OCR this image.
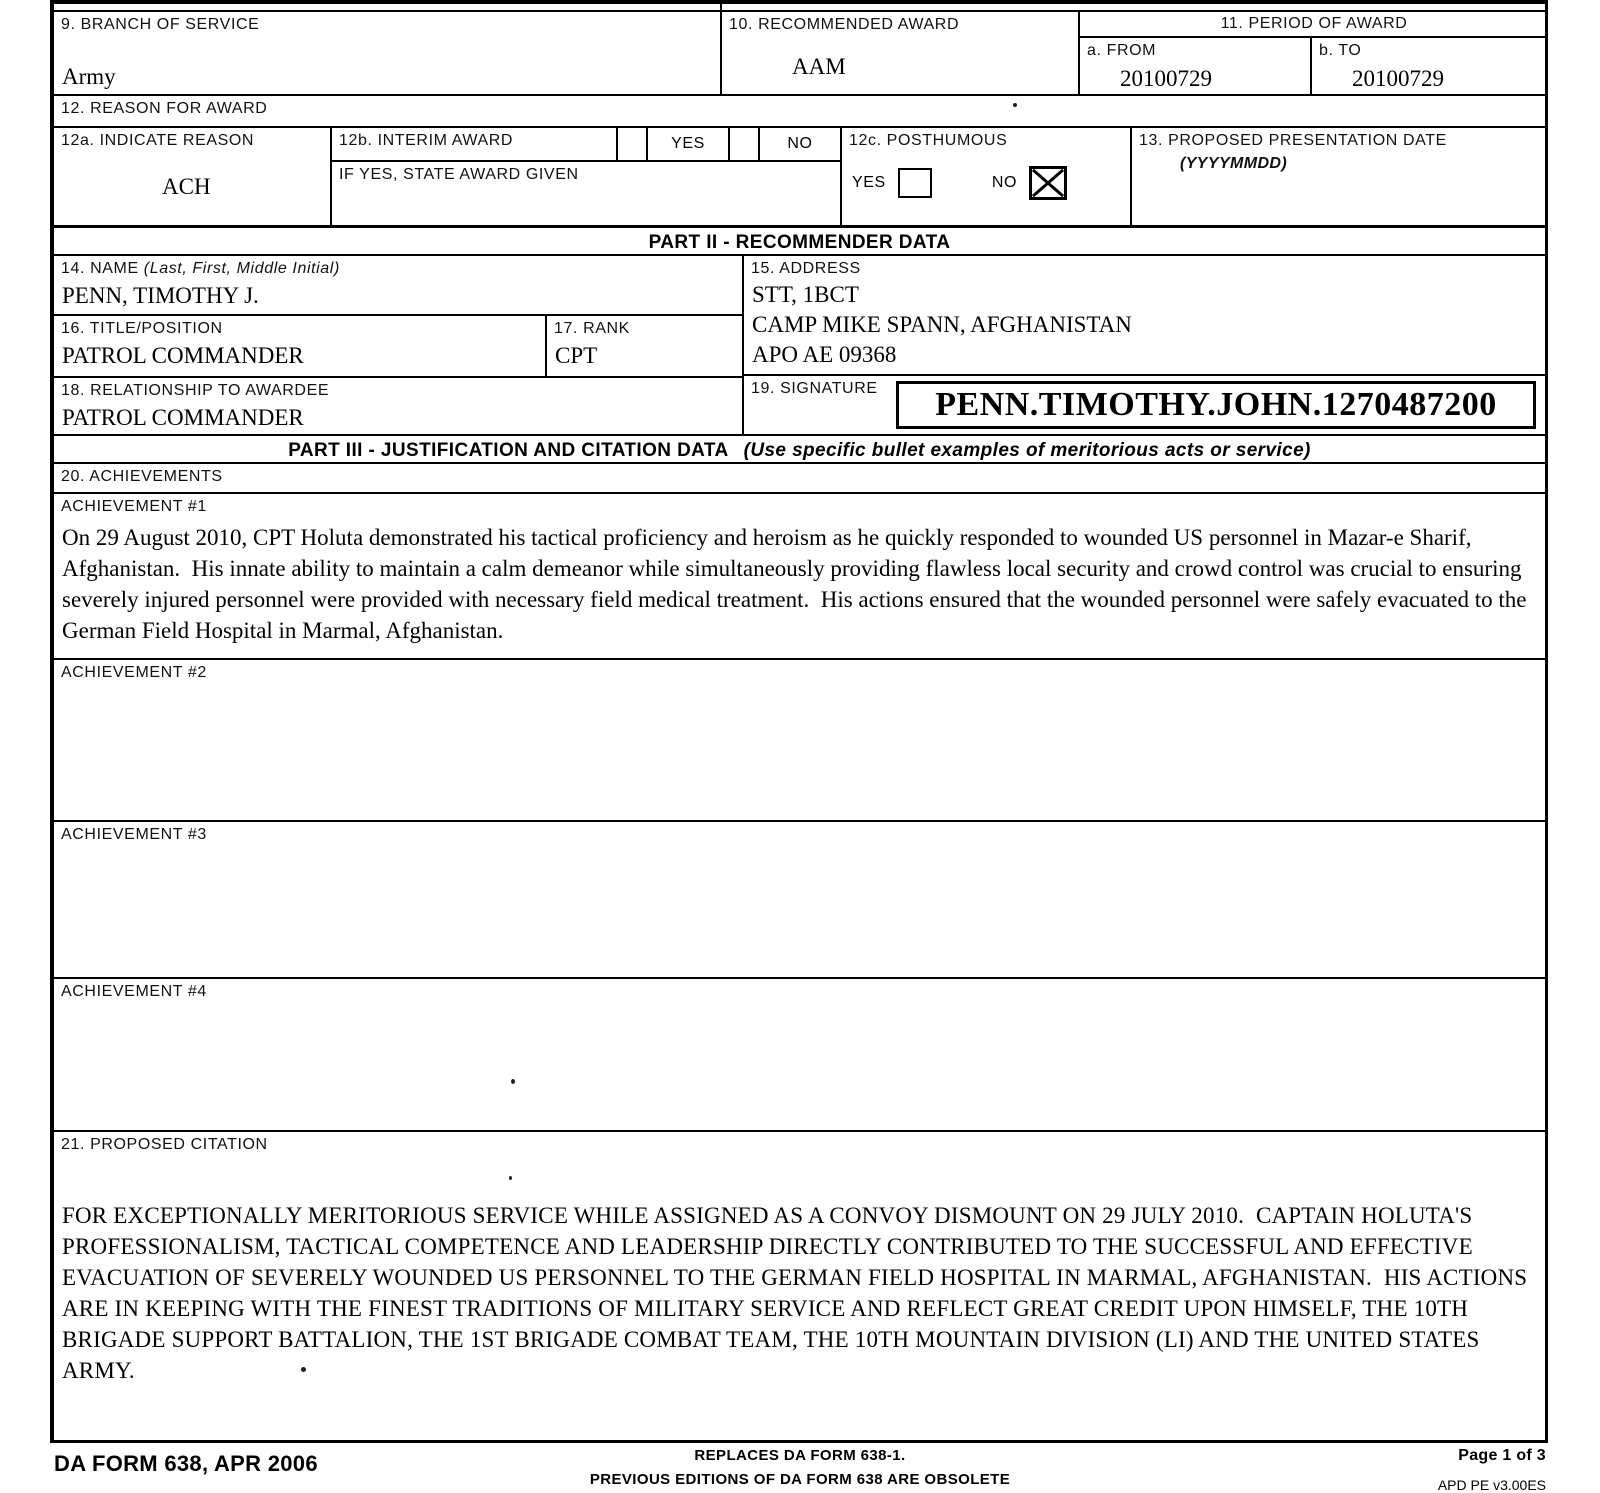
9. BRANCH OF SERVICE
Army
10. RECOMMENDED AWARD
AAM
11. PERIOD OF AWARD
a. FROM
20100729
b. TO
20100729
12. REASON FOR AWARD
12a. INDICATE REASON
ACH
12b. INTERIM AWARD	YES	NO
IF YES, STATE AWARD GIVEN
12c. POSTHUMOUS
YES	NO
13. PROPOSED PRESENTATION DATE
(YYYYMMDD)
PART II - RECOMMENDER DATA
14. NAME (Last, First, Middle Initial)
PENN, TIMOTHY J.
16. TITLE/POSITION
PATROL COMMANDER
17. RANK
CPT
18. RELATIONSHIP TO AWARDEE
PATROL COMMANDER
15. ADDRESS
STT, 1BCT
CAMP MIKE SPANN, AFGHANISTAN
APO AE 09368
19. SIGNATURE	PENN.TIMOTHY.JOHN.1270487200
PART III - JUSTIFICATION AND CITATION DATA (Use specific bullet examples of meritorious acts or service)
20. ACHIEVEMENTS
ACHIEVEMENT #1
On 29 August 2010, CPT Holuta demonstrated his tactical proficiency and heroism as he quickly responded to wounded US personnel in Mazar-e Sharif, Afghanistan.  His innate ability to maintain a calm demeanor while simultaneously providing flawless local security and crowd control was crucial to ensuring severely injured personnel were provided with necessary field medical treatment.  His actions ensured that the wounded personnel were safely evacuated to the German Field Hospital in Marmal, Afghanistan.
ACHIEVEMENT #2
ACHIEVEMENT #3
ACHIEVEMENT #4
21. PROPOSED CITATION
FOR EXCEPTIONALLY MERITORIOUS SERVICE WHILE ASSIGNED AS A CONVOY DISMOUNT ON 29 JULY 2010.  CAPTAIN HOLUTA'S PROFESSIONALISM, TACTICAL COMPETENCE AND LEADERSHIP DIRECTLY CONTRIBUTED TO THE SUCCESSFUL AND EFFECTIVE EVACUATION OF SEVERELY WOUNDED US PERSONNEL TO THE GERMAN FIELD HOSPITAL IN MARMAL, AFGHANISTAN.  HIS ACTIONS ARE IN KEEPING WITH THE FINEST TRADITIONS OF MILITARY SERVICE AND REFLECT GREAT CREDIT UPON HIMSELF, THE 10TH BRIGADE SUPPORT BATTALION, THE 1ST BRIGADE COMBAT TEAM, THE 10TH MOUNTAIN DIVISION (LI) AND THE UNITED STATES ARMY.
DA FORM 638, APR 2006	REPLACES DA FORM 638-1.
PREVIOUS EDITIONS OF DA FORM 638 ARE OBSOLETE
Page 1 of 3
APD PE v3.00ES
